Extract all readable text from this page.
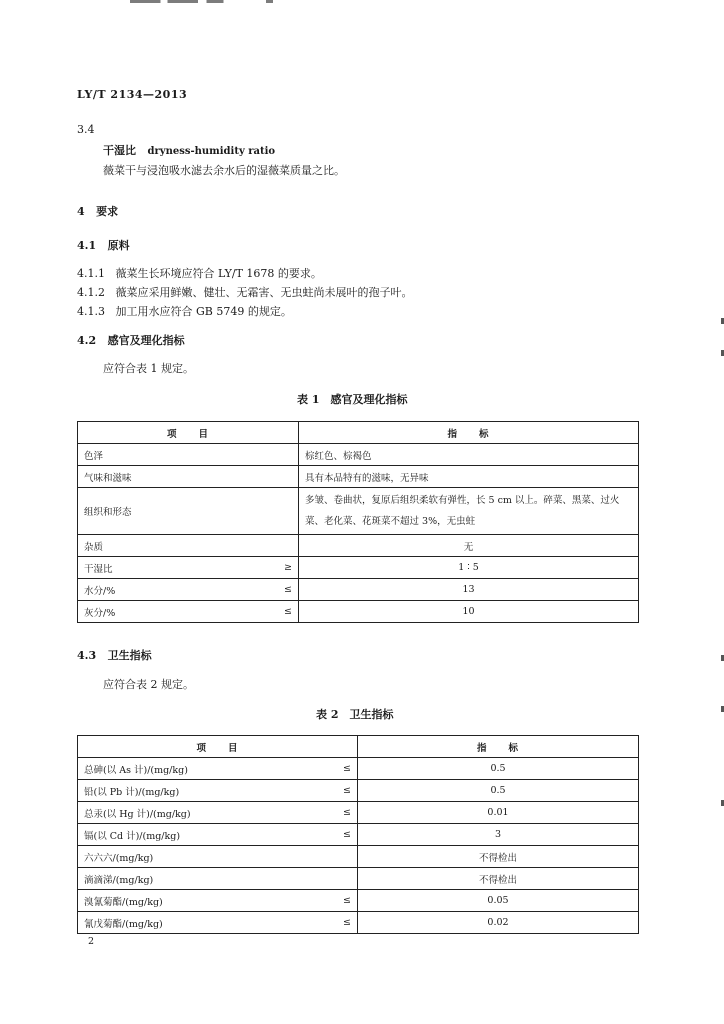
LY/T 2134—2013
3.4
干湿比 dryness-humidity ratio
薇菜干与浸泡吸水滤去余水后的湿薇菜质量之比。
4 要求
4.1 原料
4.1.1 薇菜生长环境应符合 LY/T 1678 的要求。
4.1.2 薇菜应采用鲜嫩、健壮、无霜害、无虫蛀尚未展叶的孢子叶。
4.1.3 加工用水应符合 GB 5749 的规定。
4.2 感官及理化指标
应符合表 1 规定。
表 1　感官及理化指标
项　　目	指　　标
色泽	棕红色、棕褐色
气味和滋味	具有本品特有的滋味，无异味
组织和形态	多皱、卷曲状，复原后组织柔软有弹性，长 5 cm 以上。碎菜、黑菜、过火
菜、老化菜、花斑菜不超过 3%，无虫蛀

杂质	无

干湿比 ≥	1 ∶ 5

水分/% ≤	13

灰分/% ≤	10
4.3 卫生指标
应符合表 2 规定。
表 2　卫生指标
项　　目	指　　标

总砷(以 As 计)/(mg/kg) ≤	0.5

铅(以 Pb 计)/(mg/kg) ≤	0.5

总汞(以 Hg 计)/(mg/kg) ≤	0.01

镉(以 Cd 计)/(mg/kg) ≤	3
六六六/(mg/kg)	不得检出
滴滴涕/(mg/kg)	不得检出

溴氰菊酯/(mg/kg) ≤	0.05

氰戊菊酯/(mg/kg) ≤	0.02
2
